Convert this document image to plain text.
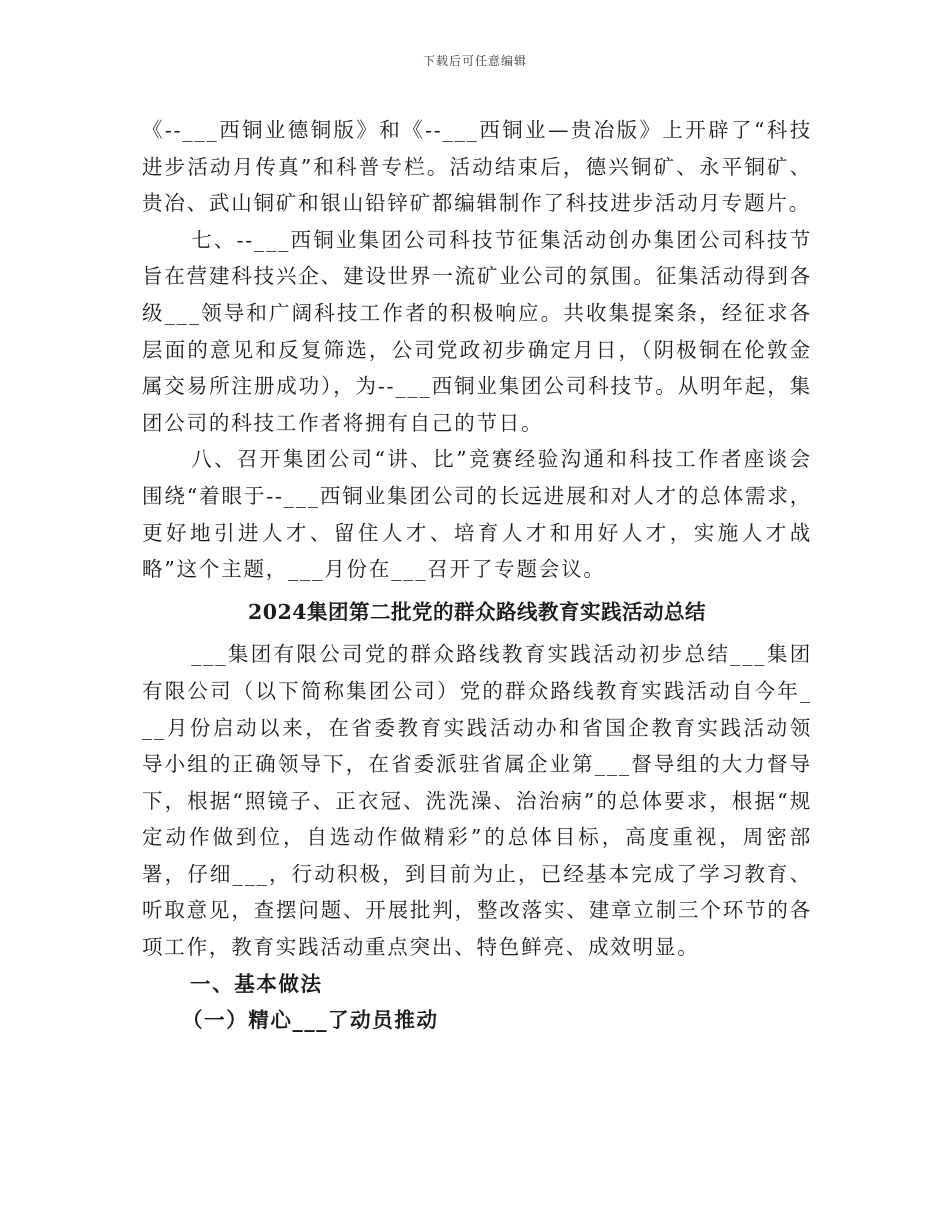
下载后可任意编辑

《--___西铜业德铜版》和《--___西铜业—贵冶版》上开辟了“科技进步活动月传真”和科普专栏。活动结束后，德兴铜矿、永平铜矿、贵冶、武山铜矿和银山铅锌矿都编辑制作了科技进步活动月专题片。

七、--___西铜业集团公司科技节征集活动创办集团公司科技节旨在营建科技兴企、建设世界一流矿业公司的氛围。征集活动得到各级___领导和广阔科技工作者的积极响应。共收集提案条，经征求各层面的意见和反复筛选，公司党政初步确定月日，（阴极铜在伦敦金属交易所注册成功），为--___西铜业集团公司科技节。从明年起，集团公司的科技工作者将拥有自己的节日。

八、召开集团公司“讲、比”竞赛经验沟通和科技工作者座谈会围绕“着眼于--___西铜业集团公司的长远进展和对人才的总体需求，更好地引进人才、留住人才、培育人才和用好人才，实施人才战略”这个主题，___月份在___召开了专题会议。

2024集团第二批党的群众路线教育实践活动总结

___集团有限公司党的群众路线教育实践活动初步总结___集团有限公司（以下简称集团公司）党的群众路线教育实践活动自今年___月份启动以来，在省委教育实践活动办和省国企教育实践活动领导小组的正确领导下，在省委派驻省属企业第___督导组的大力督导下，根据“照镜子、正衣冠、洗洗澡、治治病”的总体要求，根据“规定动作做到位，自选动作做精彩”的总体目标，高度重视，周密部署，仔细___，行动积极，到目前为止，已经基本完成了学习教育、听取意见，查摆问题、开展批判，整改落实、建章立制三个环节的各项工作，教育实践活动重点突出、特色鲜亮、成效明显。

一、基本做法
（一）精心___了动员推动
